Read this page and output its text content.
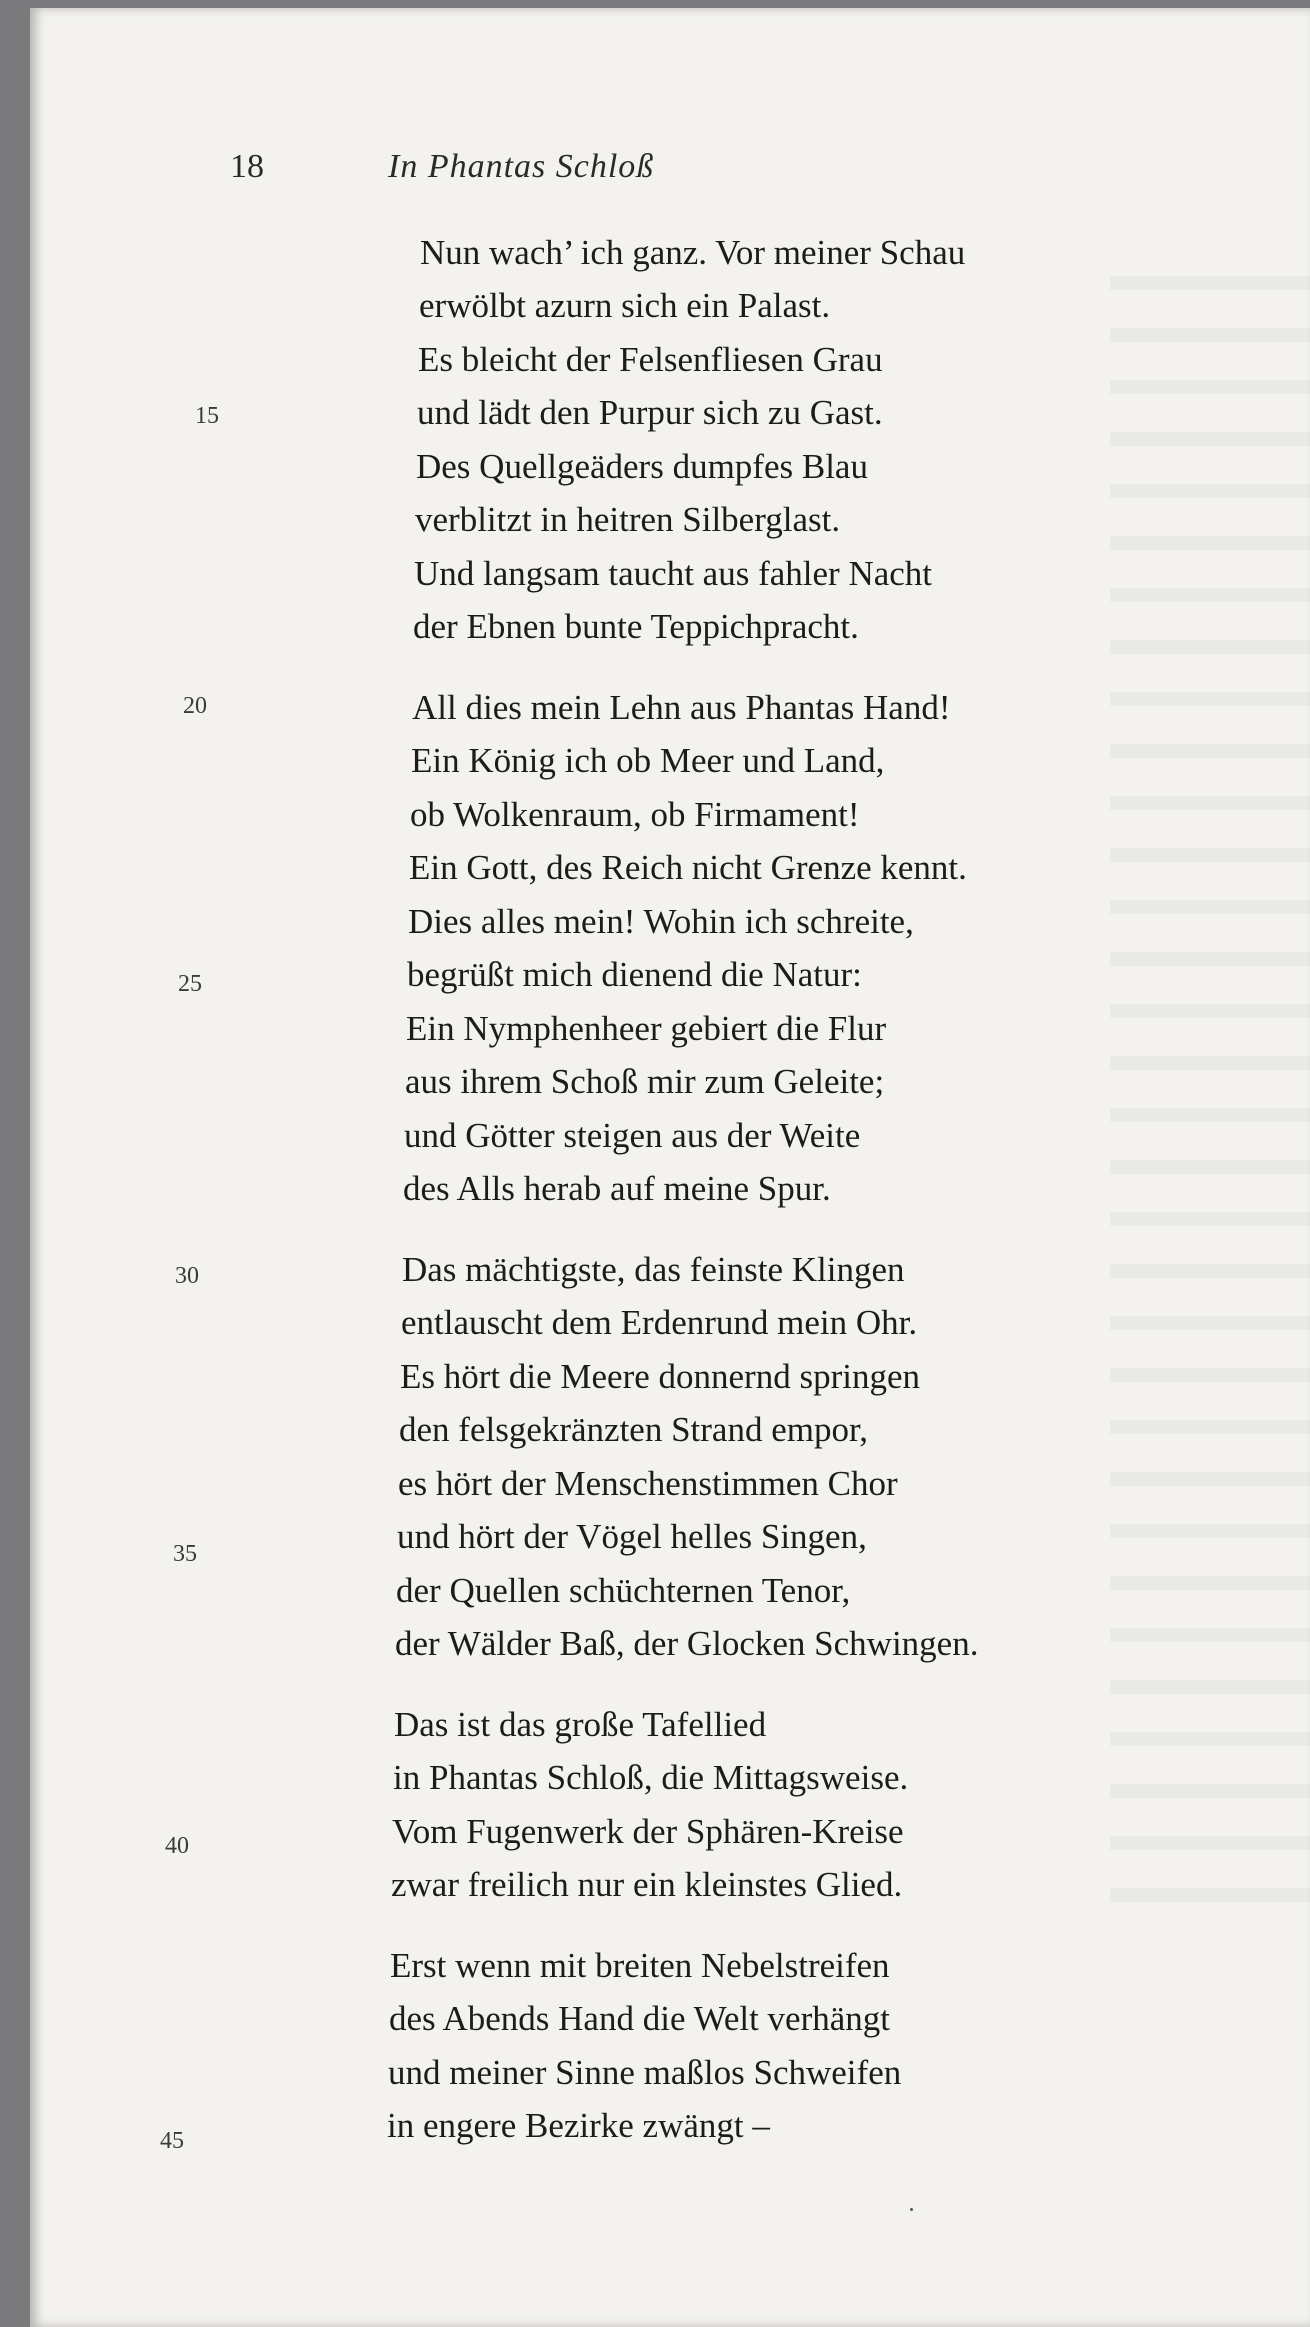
18	In Phantas Schloß
15
20
25
30
35
40
45
Nun wach’ ich ganz. Vor meiner Schau
erwölbt azurn sich ein Palast.
Es bleicht der Felsenfliesen Grau
und lädt den Purpur sich zu Gast.
Des Quellgeäders dumpfes Blau
verblitzt in heitren Silberglast.
Und langsam taucht aus fahler Nacht
der Ebnen bunte Teppichpracht.
All dies mein Lehn aus Phantas Hand!
Ein König ich ob Meer und Land,
ob Wolkenraum, ob Firmament!
Ein Gott, des Reich nicht Grenze kennt.
Dies alles mein! Wohin ich schreite,
begrüßt mich dienend die Natur:
Ein Nymphenheer gebiert die Flur
aus ihrem Schoß mir zum Geleite;
und Götter steigen aus der Weite
des Alls herab auf meine Spur.
Das mächtigste, das feinste Klingen
entlauscht dem Erdenrund mein Ohr.
Es hört die Meere donnernd springen
den felsgekränzten Strand empor,
es hört der Menschenstimmen Chor
und hört der Vögel helles Singen,
der Quellen schüchternen Tenor,
der Wälder Baß, der Glocken Schwingen.
Das ist das große Tafellied
in Phantas Schloß, die Mittagsweise.
Vom Fugenwerk der Sphären-Kreise
zwar freilich nur ein kleinstes Glied.
Erst wenn mit breiten Nebelstreifen
des Abends Hand die Welt verhängt
und meiner Sinne maßlos Schweifen
in engere Bezirke zwängt –
